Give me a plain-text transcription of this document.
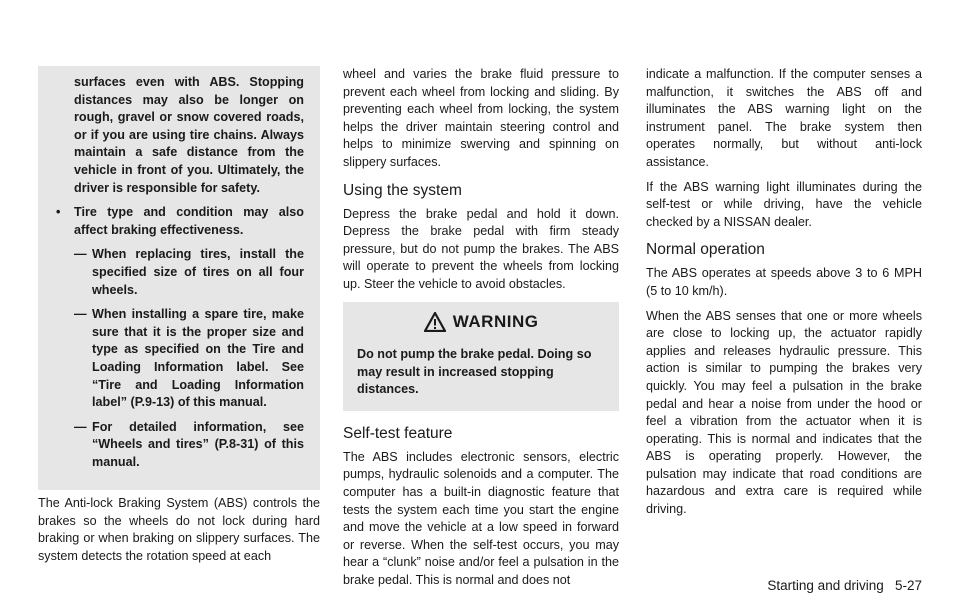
surfaces even with ABS. Stopping distances may also be longer on rough, gravel or snow covered roads, or if you are using tire chains. Always maintain a safe distance from the vehicle in front of you. Ultimately, the driver is responsible for safety.

• Tire type and condition may also affect braking effectiveness.
— When replacing tires, install the specified size of tires on all four wheels.
— When installing a spare tire, make sure that it is the proper size and type as specified on the Tire and Loading Information label. See “Tire and Loading Information label” (P.9-13) of this manual.
— For detailed information, see “Wheels and tires” (P.8-31) of this manual.

The Anti-lock Braking System (ABS) controls the brakes so the wheels do not lock during hard braking or when braking on slippery surfaces. The system detects the rotation speed at each

wheel and varies the brake fluid pressure to prevent each wheel from locking and sliding. By preventing each wheel from locking, the system helps the driver maintain steering control and helps to minimize swerving and spinning on slippery surfaces.

Using the system

Depress the brake pedal and hold it down. Depress the brake pedal with firm steady pressure, but do not pump the brakes. The ABS will operate to prevent the wheels from locking up. Steer the vehicle to avoid obstacles.

WARNING
Do not pump the brake pedal. Doing so may result in increased stopping distances.
Self-test feature

The ABS includes electronic sensors, electric pumps, hydraulic solenoids and a computer. The computer has a built-in diagnostic feature that tests the system each time you start the engine and move the vehicle at a low speed in forward or reverse. When the self-test occurs, you may hear a “clunk” noise and/or feel a pulsation in the brake pedal. This is normal and does not

indicate a malfunction. If the computer senses a malfunction, it switches the ABS off and illuminates the ABS warning light on the instrument panel. The brake system then operates normally, but without anti-lock assistance.

If the ABS warning light illuminates during the self-test or while driving, have the vehicle checked by a NISSAN dealer.

Normal operation

The ABS operates at speeds above 3 to 6 MPH (5 to 10 km/h).

When the ABS senses that one or more wheels are close to locking up, the actuator rapidly applies and releases hydraulic pressure. This action is similar to pumping the brakes very quickly. You may feel a pulsation in the brake pedal and hear a noise from under the hood or feel a vibration from the actuator when it is operating. This is normal and indicates that the ABS is operating properly. However, the pulsation may indicate that road conditions are hazardous and extra care is required while driving.

Starting and driving   5-27
